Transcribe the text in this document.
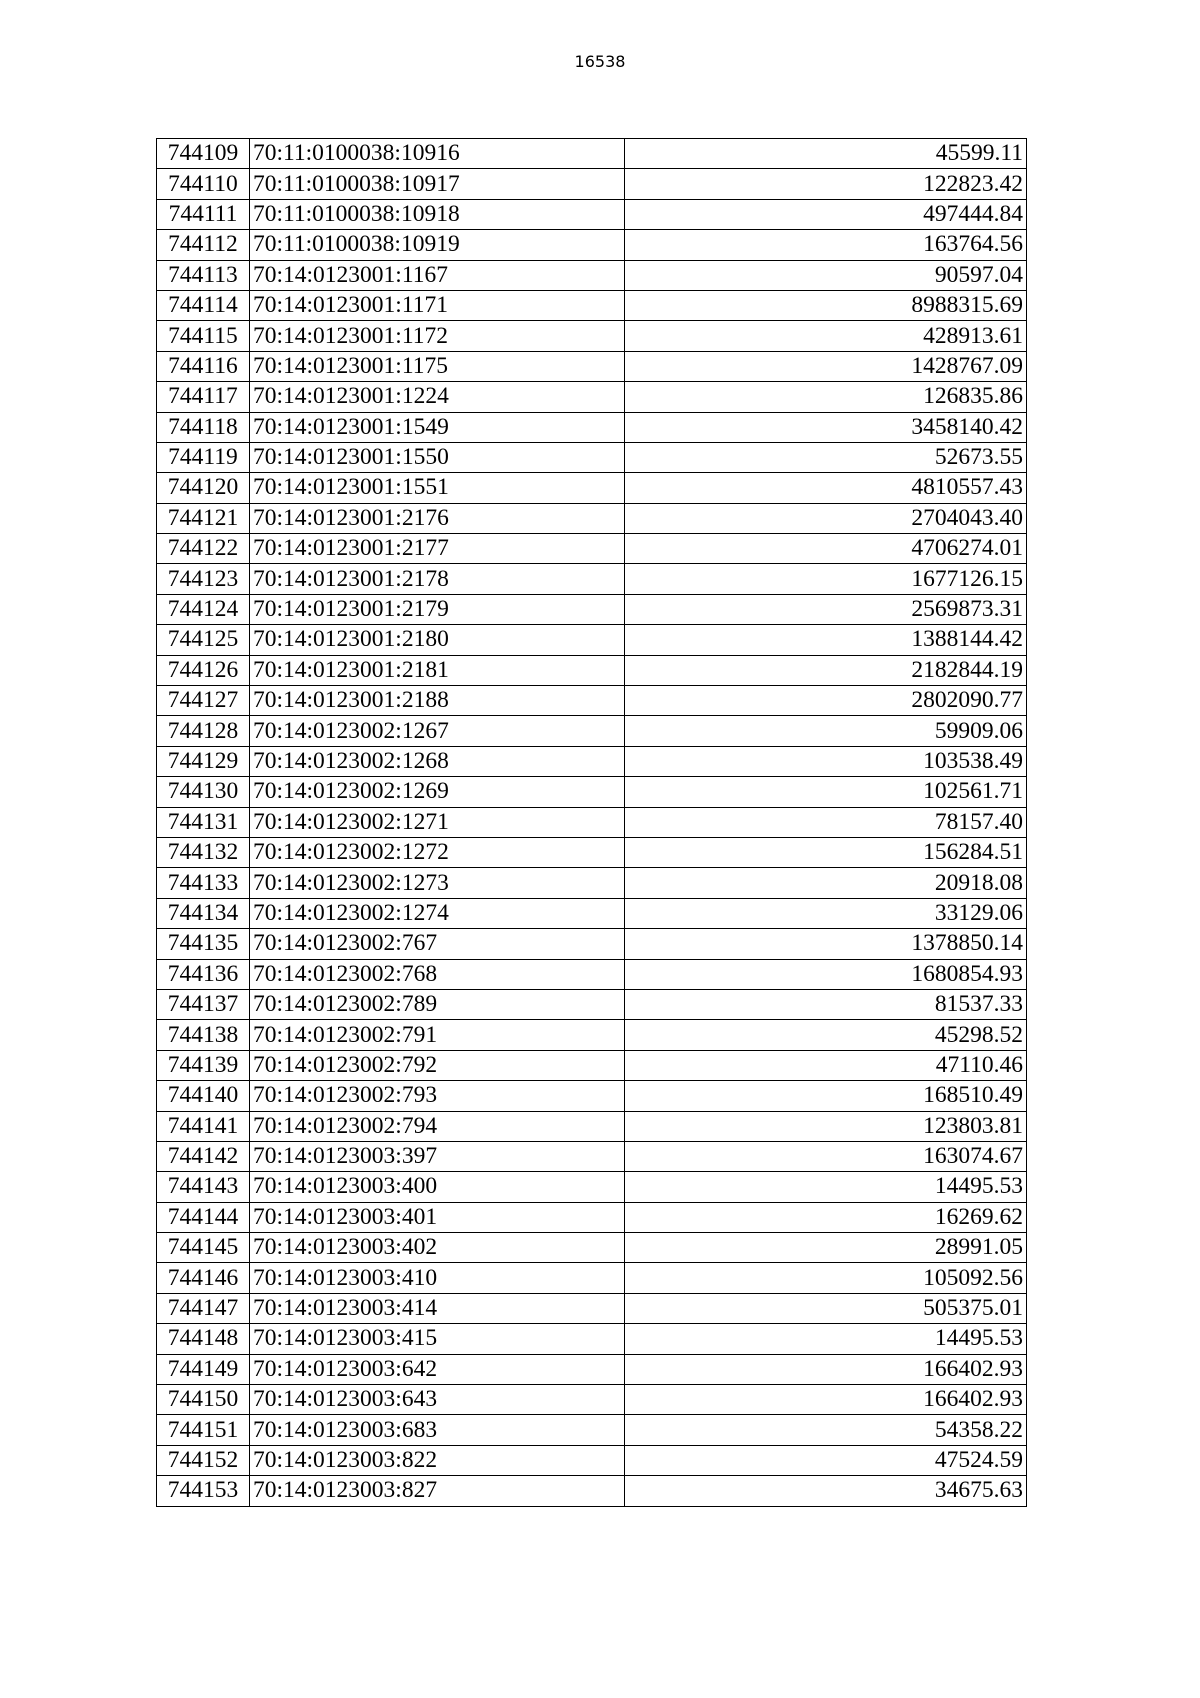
16538
744109	70:11:0100038:10916	45599.11
744110	70:11:0100038:10917	122823.42
744111	70:11:0100038:10918	497444.84
744112	70:11:0100038:10919	163764.56
744113	70:14:0123001:1167	90597.04
744114	70:14:0123001:1171	8988315.69
744115	70:14:0123001:1172	428913.61
744116	70:14:0123001:1175	1428767.09
744117	70:14:0123001:1224	126835.86
744118	70:14:0123001:1549	3458140.42
744119	70:14:0123001:1550	52673.55
744120	70:14:0123001:1551	4810557.43
744121	70:14:0123001:2176	2704043.40
744122	70:14:0123001:2177	4706274.01
744123	70:14:0123001:2178	1677126.15
744124	70:14:0123001:2179	2569873.31
744125	70:14:0123001:2180	1388144.42
744126	70:14:0123001:2181	2182844.19
744127	70:14:0123001:2188	2802090.77
744128	70:14:0123002:1267	59909.06
744129	70:14:0123002:1268	103538.49
744130	70:14:0123002:1269	102561.71
744131	70:14:0123002:1271	78157.40
744132	70:14:0123002:1272	156284.51
744133	70:14:0123002:1273	20918.08
744134	70:14:0123002:1274	33129.06
744135	70:14:0123002:767	1378850.14
744136	70:14:0123002:768	1680854.93
744137	70:14:0123002:789	81537.33
744138	70:14:0123002:791	45298.52
744139	70:14:0123002:792	47110.46
744140	70:14:0123002:793	168510.49
744141	70:14:0123002:794	123803.81
744142	70:14:0123003:397	163074.67
744143	70:14:0123003:400	14495.53
744144	70:14:0123003:401	16269.62
744145	70:14:0123003:402	28991.05
744146	70:14:0123003:410	105092.56
744147	70:14:0123003:414	505375.01
744148	70:14:0123003:415	14495.53
744149	70:14:0123003:642	166402.93
744150	70:14:0123003:643	166402.93
744151	70:14:0123003:683	54358.22
744152	70:14:0123003:822	47524.59
744153	70:14:0123003:827	34675.63
